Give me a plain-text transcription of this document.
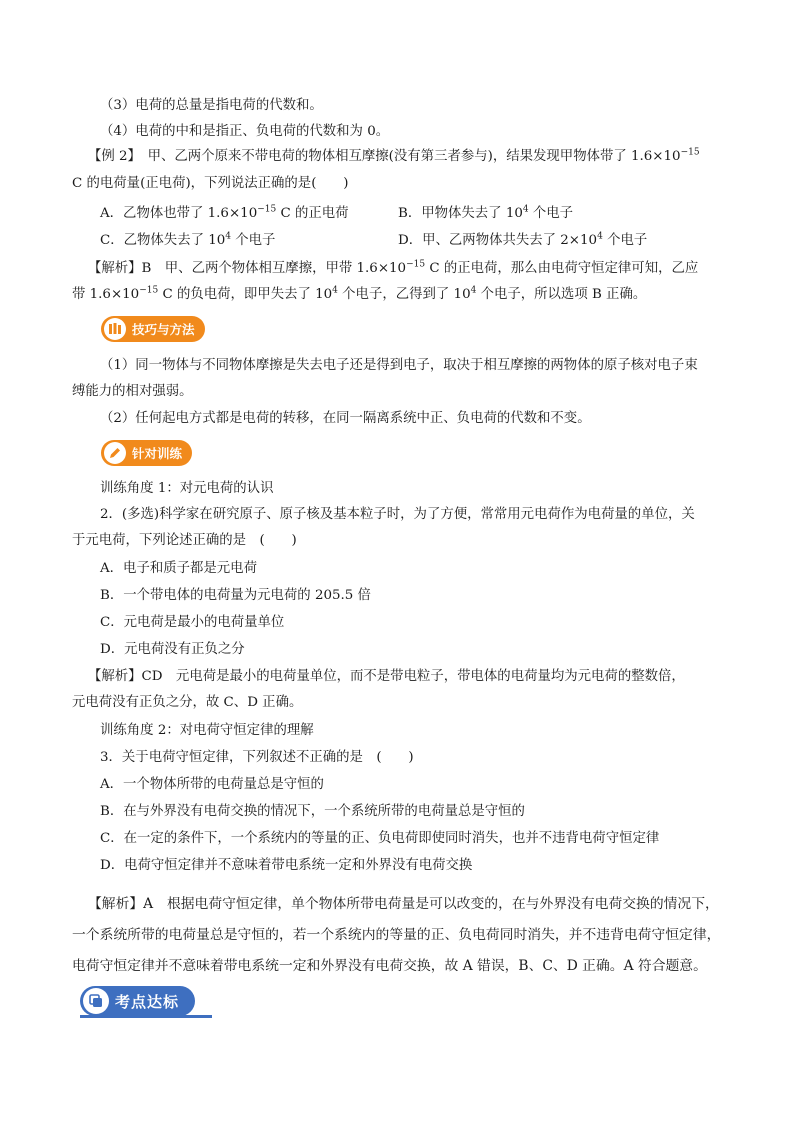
（3）电荷的总量是指电荷的代数和。
（4）电荷的中和是指正、负电荷的代数和为 0。
【例 2】　甲、乙两个原来不带电荷的物体相互摩擦(没有第三者参与)，结果发现甲物体带了 $1.6\times 10^{-15}$
C 的电荷量(正电荷)，下列说法正确的是(　　)
A．乙物体也带了 $1.6\times 10^{-15}$ C 的正电荷	B．甲物体失去了 $10^4$ 个电子
C．乙物体失去了 $10^4$ 个电子	D．甲、乙两物体共失去了 $2\times 10^4$ 个电子
【解析】B　甲、乙两个物体相互摩擦，甲带 $1.6\times 10^{-15}$ C 的正电荷，那么由电荷守恒定律可知，乙应
带 $1.6\times 10^{-15}$ C 的负电荷，即甲失去了 $10^4$ 个电子，乙得到了 $10^4$ 个电子，所以选项 B 正确。
技巧与方法
（1）同一物体与不同物体摩擦是失去电子还是得到电子，取决于相互摩擦的两物体的原子核对电子束
缚能力的相对强弱。
（2）任何起电方式都是电荷的转移，在同一隔离系统中正、负电荷的代数和不变。
针对训练
训练角度 1：对元电荷的认识
2．(多选)科学家在研究原子、原子核及基本粒子时，为了方便，常常用元电荷作为电荷量的单位，关
于元电荷，下列论述正确的是　(　　)
A．电子和质子都是元电荷
B．一个带电体的电荷量为元电荷的 205.5 倍
C．元电荷是最小的电荷量单位
D．元电荷没有正负之分
【解析】CD　元电荷是最小的电荷量单位，而不是带电粒子，带电体的电荷量均为元电荷的整数倍，
元电荷没有正负之分，故 C、D 正确。
训练角度 2：对电荷守恒定律的理解
3．关于电荷守恒定律，下列叙述不正确的是　(　　)
A．一个物体所带的电荷量总是守恒的
B．在与外界没有电荷交换的情况下，一个系统所带的电荷量总是守恒的
C．在一定的条件下，一个系统内的等量的正、负电荷即使同时消失，也并不违背电荷守恒定律
D．电荷守恒定律并不意味着带电系统一定和外界没有电荷交换
【解析】A　根据电荷守恒定律，单个物体所带电荷量是可以改变的，在与外界没有电荷交换的情况下，
一个系统所带的电荷量总是守恒的，若一个系统内的等量的正、负电荷同时消失，并不违背电荷守恒定律，
电荷守恒定律并不意味着带电系统一定和外界没有电荷交换，故 A 错误，B、C、D 正确。A 符合题意。
考点达标
